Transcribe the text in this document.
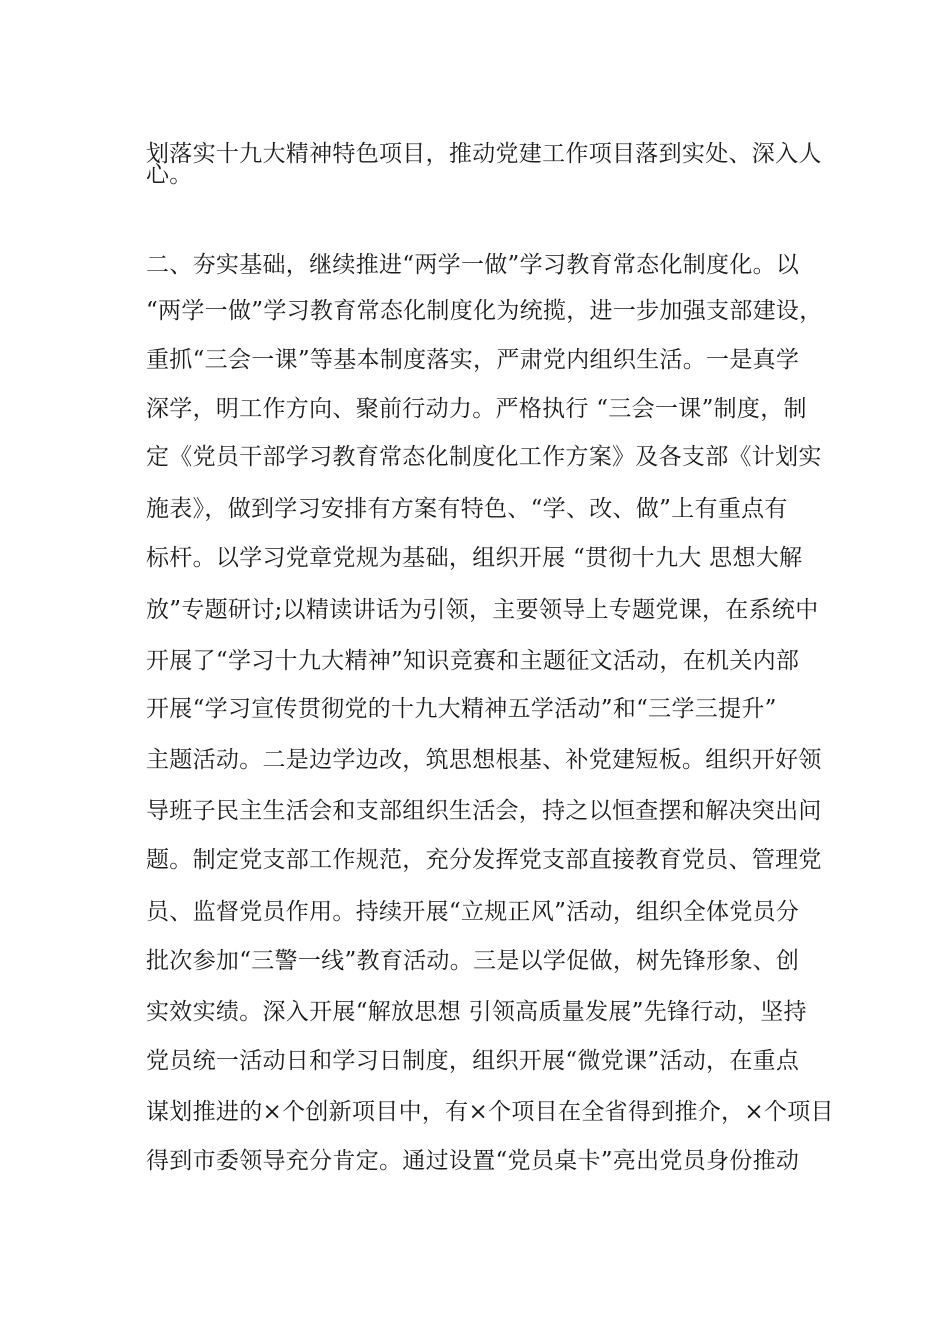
划落实十九大精神特色项目，推动党建工作项目落到实处、深入人
心。
二、夯实基础，继续推进“两学一做”学习教育常态化制度化。以
“两学一做”学习教育常态化制度化为统揽，进一步加强支部建设，
重抓“三会一课”等基本制度落实，严肃党内组织生活。一是真学
深学，明工作方向、聚前行动力。严格执行 “三会一课”制度，制
定《党员干部学习教育常态化制度化工作方案》及各支部《计划实
施表》，做到学习安排有方案有特色、“学、改、做”上有重点有
标杆。以学习党章党规为基础，组织开展 “贯彻十九大 思想大解
放”专题研讨;以精读讲话为引领，主要领导上专题党课，在系统中
开展了“学习十九大精神”知识竞赛和主题征文活动，在机关内部
开展“学习宣传贯彻党的十九大精神五学活动”和“三学三提升”
主题活动。二是边学边改，筑思想根基、补党建短板。组织开好领
导班子民主生活会和支部组织生活会，持之以恒查摆和解决突出问
题。制定党支部工作规范，充分发挥党支部直接教育党员、管理党
员、监督党员作用。持续开展“立规正风”活动，组织全体党员分
批次参加“三警一线”教育活动。三是以学促做，树先锋形象、创
实效实绩。深入开展“解放思想 引领高质量发展”先锋行动，坚持
党员统一活动日和学习日制度，组织开展“微党课”活动，在重点
谋划推进的×个创新项目中，有×个项目在全省得到推介，×个项目
得到市委领导充分肯定。通过设置“党员桌卡”亮出党员身份推动
